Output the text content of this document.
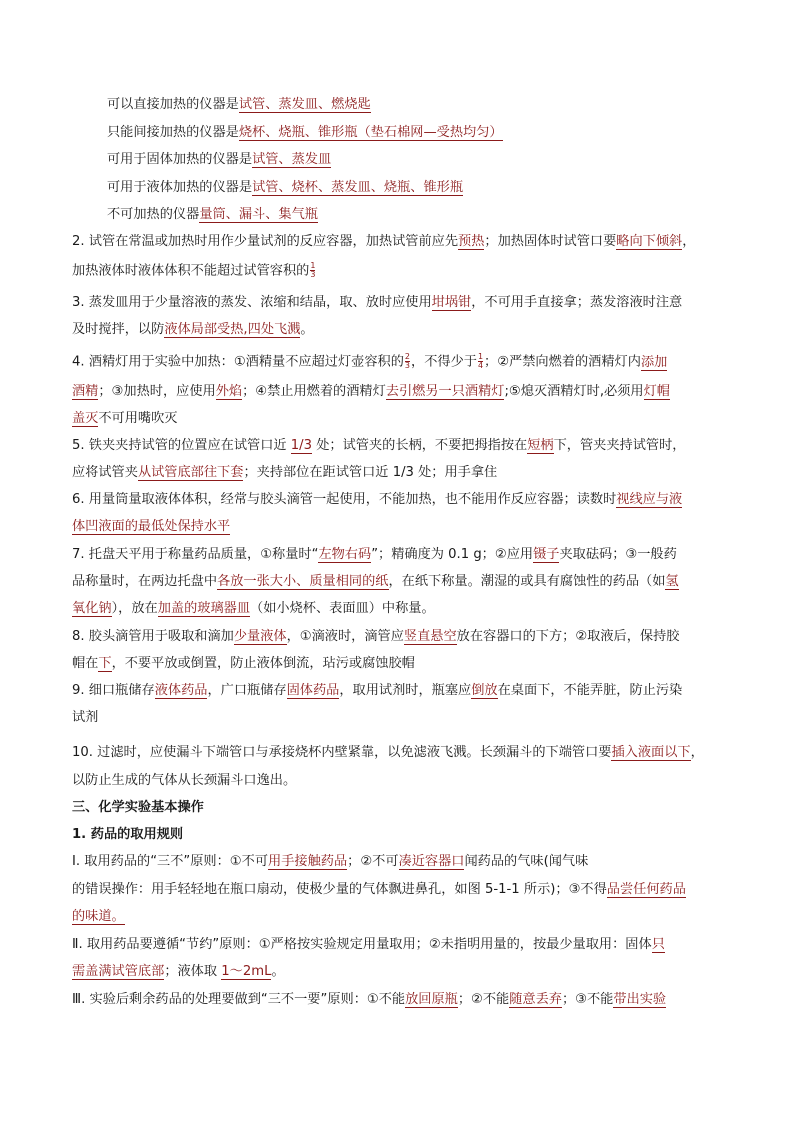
可以直接加热的仪器是试管、蒸发皿、燃烧匙
只能间接加热的仪器是烧杯、烧瓶、锥形瓶（垫石棉网—受热均匀）
可用于固体加热的仪器是试管、蒸发皿
可用于液体加热的仪器是试管、烧杯、蒸发皿、烧瓶、锥形瓶
不可加热的仪器量筒、漏斗、集气瓶
2. 试管在常温或加热时用作少量试剂的反应容器，加热试管前应先预热；加热固体时试管口要略向下倾斜，
加热液体时液体体积不能超过试管容积的 $\frac{1}{3}$
3. 蒸发皿用于少量溶液的蒸发、浓缩和结晶，取、放时应使用坩埚钳，不可用手直接拿；蒸发溶液时注意
及时搅拌，以防液体局部受热,四处飞溅。
4. 酒精灯用于实验中加热：①酒精量不应超过灯壶容积的 $\frac{2}{3}$ ，不得少于 $\frac{1}{4}$ ；②严禁向燃着的酒精灯内添加
酒精；③加热时，应使用外焰；④禁止用燃着的酒精灯去引燃另一只酒精灯;⑤熄灭酒精灯时,必须用灯帽
盖灭不可用嘴吹灭
5. 铁夹夹持试管的位置应在试管口近 1/3 处；试管夹的长柄，不要把拇指按在短柄下，管夹夹持试管时，
应将试管夹从试管底部往下套；夹持部位在距试管口近 1/3 处；用手拿住
6. 用量筒量取液体体积，经常与胶头滴管一起使用，不能加热，也不能用作反应容器；读数时视线应与液
体凹液面的最低处保持水平
7. 托盘天平用于称量药品质量，①称量时“左物右码”；精确度为 0.1 g；②应用镊子夹取砝码；③一般药
品称量时，在两边托盘中各放一张大小、质量相同的纸，在纸下称量。潮湿的或具有腐蚀性的药品（如氢
氧化钠），放在加盖的玻璃器皿（如小烧杯、表面皿）中称量。
8. 胶头滴管用于吸取和滴加少量液体，①滴液时，滴管应竖直悬空放在容器口的下方；②取液后，保持胶
帽在下，不要平放或倒置，防止液体倒流，玷污或腐蚀胶帽
9. 细口瓶储存液体药品，广口瓶储存固体药品，取用试剂时，瓶塞应倒放在桌面下，不能弄脏，防止污染
试剂
10. 过滤时，应使漏斗下端管口与承接烧杯内壁紧靠，以免滤液飞溅。长颈漏斗的下端管口要插入液面以下，
以防止生成的气体从长颈漏斗口逸出。
三、化学实验基本操作
1. 药品的取用规则
Ⅰ. 取用药品的“三不”原则：①不可用手接触药品；②不可凑近容器口闻药品的气味(闻气味
的错误操作：用手轻轻地在瓶口扇动，使极少量的气体飘进鼻孔，如图 5-1-1 所示)；③不得品尝任何药品
的味道。
Ⅱ. 取用药品要遵循“节约”原则：①严格按实验规定用量取用；②未指明用量的，按最少量取用：固体只
需盖满试管底部；液体取 1～2mL。
Ⅲ. 实验后剩余药品的处理要做到“三不一要”原则：①不能放回原瓶；②不能随意丢弃；③不能带出实验
